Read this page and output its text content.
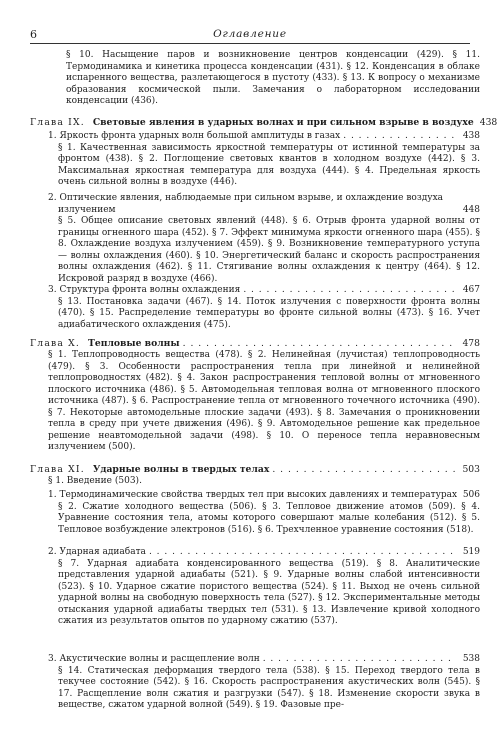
6	Оглавление
§ 10. Насыщение паров и возникновение центров конденсации (429). § 11. Термодинамика и кинетика процесса конденсации (431). § 12. Конденсация в облаке испаренного вещества, разлетающегося в пустоту (433). § 13. К вопросу о механизме образования космической пыли. Замечания о лабораторном исследовании конденсации (436).
Глава IX. Световые явления в ударных волнах и при сильном взрыве в воздухе 438
1. Яркость фронта ударных волн большой амплитуды в газах . . .	438
§ 1. Качественная зависимость яркостной температуры от истинной температуры за фронтом (438). § 2. Поглощение световых квантов в холодном воздухе (442). § 3. Максимальная яркостная температура для воздуха (444). § 4. Предельная яркость очень сильной волны в воздухе (446).
2. Оптические явления, наблюдаемые при сильном взрыве, и охлаждение воздуха излучением	448
§ 5. Общее описание световых явлений (448). § 6. Отрыв фронта ударной волны от границы огненного шара (452). § 7. Эффект минимума яркости огненного шара (455). § 8. Охлаждение воздуха излучением (459). § 9. Возникновение температурного уступа — волны охлаждения (460). § 10. Энергетический баланс и скорость распространения волны охлаждения (462). § 11. Стягивание волны охлаждения к центру (464). § 12. Искровой разряд в воздухе (466).
3. Структура фронта волны охлаждения . . .	467
§ 13. Постановка задачи (467). § 14. Поток излучения с поверхности фронта волны (470). § 15. Распределение температуры во фронте сильной волны (473). § 16. Учет адиабатического охлаждения (475).
Глава X. Тепловые волны . . .	478
§ 1. Теплопроводность вещества (478). § 2. Нелинейная (лучистая) теплопроводность (479). § 3. Особенности распространения тепла при линейной и нелинейной теплопроводностях (482). § 4. Закон распространения тепловой волны от мгновенного плоского источника (486). § 5. Автомодельная тепловая волна от мгновенного плоского источника (487). § 6. Распространение тепла от мгновенного точечного источника (490). § 7. Некоторые автомодельные плоские задачи (493). § 8. Замечания о проникновении тепла в среду при учете движения (496). § 9. Автомодельное решение как предельное решение неавтомодельной задачи (498). § 10. О переносе тепла неравновесным излучением (500).
Глава XI. Ударные волны в твердых телах . . .	503
§ 1. Введение (503).
1. Термодинамические свойства твердых тел при высоких давлениях и температурах 506
§ 2. Сжатие холодного вещества (506). § 3. Тепловое движение атомов (509). § 4. Уравнение состояния тела, атомы которого совершают малые колебания (512). § 5. Тепловое возбуждение электронов (516). § 6. Трехчленное уравнение состояния (518).
2. Ударная адиабата . . .	519
§ 7. Ударная адиабата конденсированного вещества (519). § 8. Аналитические представления ударной адиабаты (521). § 9. Ударные волны слабой интенсивности (523). § 10. Ударное сжатие пористого вещества (524). § 11. Выход не очень сильной ударной волны на свободную поверхность тела (527). § 12. Экспериментальные методы отыскания ударной адиабаты твердых тел (531). § 13. Извлечение кривой холодного сжатия из результатов опытов по ударному сжатию (537).
3. Акустические волны и расщепление волн . . .	538
§ 14. Статическая деформация твердого тела (538). § 15. Переход твердого тела в текучее состояние (542). § 16. Скорость распространения акустических волн (545). § 17. Расщепление волн сжатия и разгрузки (547). § 18. Изменение скорости звука в веществе, сжатом ударной волной (549). § 19. Фазовые пре-
